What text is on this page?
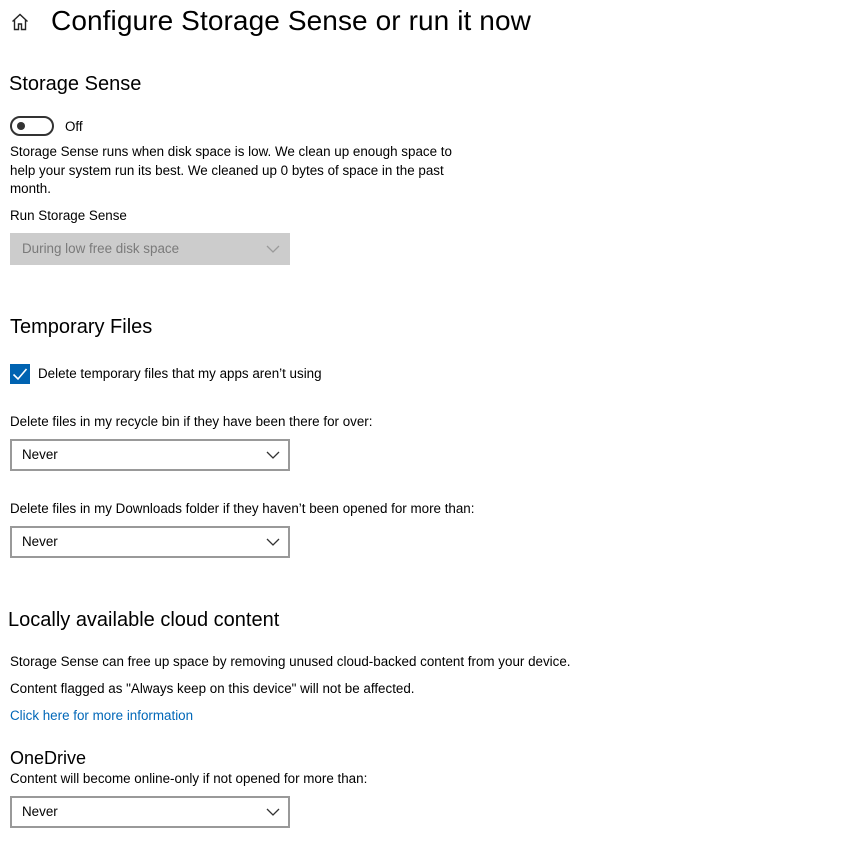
Configure Storage Sense or run it now
Storage Sense
Off
Storage Sense runs when disk space is low. We clean up enough space to help your system run its best. We cleaned up 0 bytes of space in the past month.
Run Storage Sense
During low free disk space
Temporary Files
Delete temporary files that my apps aren’t using
Delete files in my recycle bin if they have been there for over:
Never
Delete files in my Downloads folder if they haven’t been opened for more than:
Never
Locally available cloud content
Storage Sense can free up space by removing unused cloud-backed content from your device.
Content flagged as "Always keep on this device" will not be affected.
Click here for more information
OneDrive
Content will become online-only if not opened for more than:
Never
